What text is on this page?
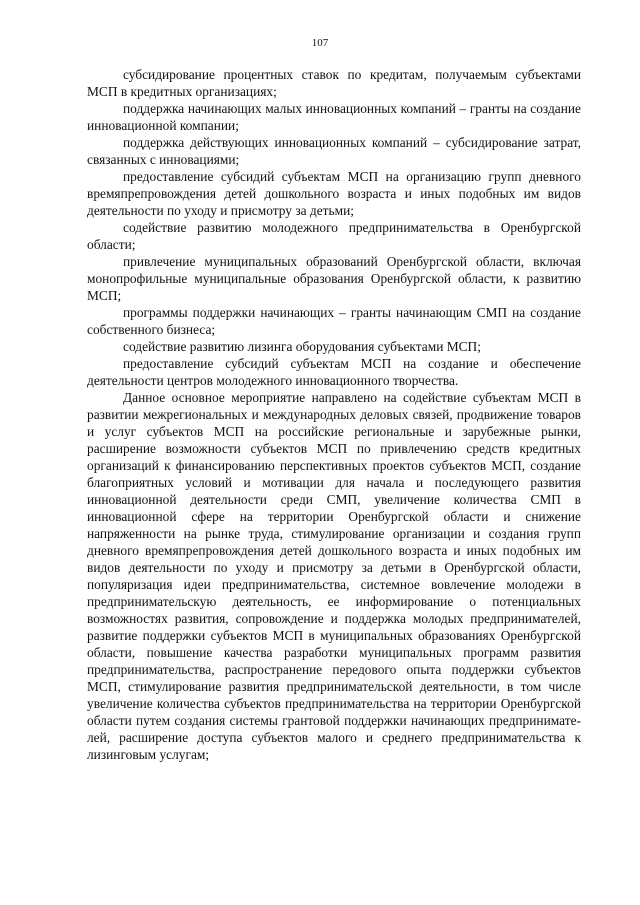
107

субсидирование процентных ставок по кредитам, получаемым субъектами МСП в кредитных организациях;

поддержка начинающих малых инновационных компаний – гранты на создание инновационной компании;

поддержка действующих инновационных компаний – субсидирование затрат, связанных с инновациями;

предоставление субсидий субъектам МСП на организацию групп дневного времяпрепровождения детей дошкольного возраста и иных подобных им видов деятельности по уходу и присмотру за детьми;

содействие развитию молодежного предпринимательства в Оренбургской области;

привлечение муниципальных образований Оренбургской области, включая монопрофильные муниципальные образования Оренбургской области, к развитию МСП;

программы поддержки начинающих – гранты начинающим СМП на создание собственного бизнеса;

содействие развитию лизинга оборудования субъектами МСП;

предоставление субсидий субъектам МСП на создание и обеспечение деятельности центров молодежного инновационного творчества.

Данное основное мероприятие направлено на содействие субъектам МСП в развитии межрегиональных и международных деловых связей, продвижение товаров и услуг субъектов МСП на российские региональные и зарубежные рынки, расширение возможности субъектов МСП по привлечению средств кредитных организаций к финансированию перспективных проектов субъектов МСП, создание благоприятных условий и мотивации для начала и последующего развития инновационной деятельности среди СМП, увеличение количества СМП в инновационной сфере на территории Оренбургской области и снижение напряженности на рынке труда, стимулирование организации и создания групп дневного времяпрепровождения детей дошкольного возраста и иных подобных им видов деятельности по уходу и присмотру за детьми в Оренбургской области, популяризация идеи предпринимательства, системное вовлечение молодежи в предпринимательскую деятельность, ее информирование о потенциальных возможностях развития, сопровождение и поддержка молодых предпринимателей, развитие поддержки субъектов МСП в муниципальных образованиях Оренбургской области, повышение качества разработки муниципальных программ развития предпринимательства, распространение передового опыта поддержки субъектов МСП, стимулирование развития предпринимательской деятельности, в том числе увеличение количества субъектов предпринимательства на территории Оренбургской области путем создания системы грантовой поддержки начинающих предпринимателей, расширение доступа субъектов малого и среднего предпринимательства к лизинговым услугам;
